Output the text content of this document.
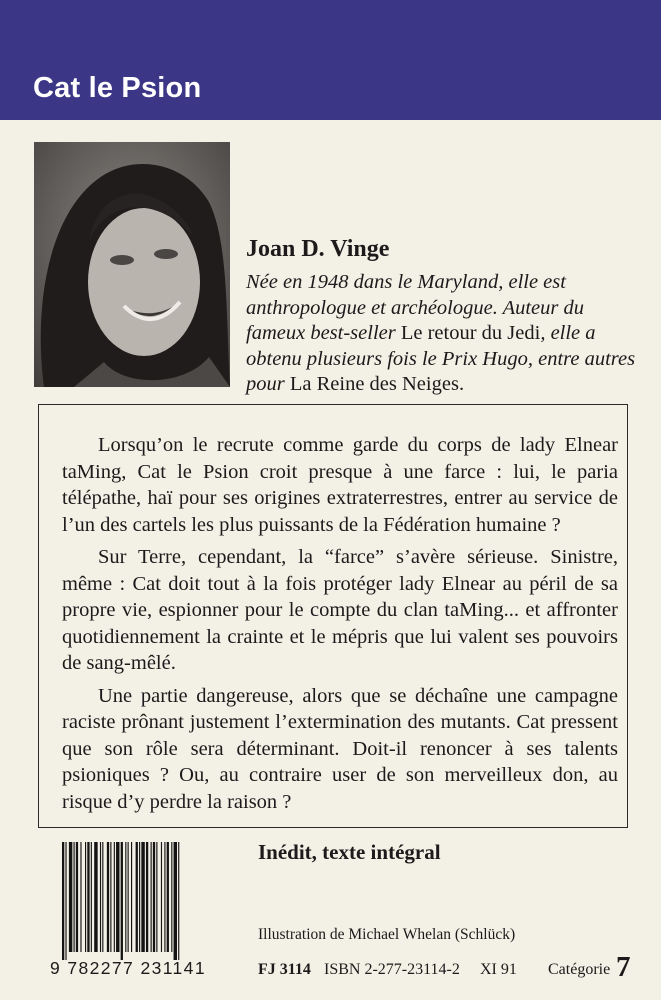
Cat le Psion
Joan D. Vinge
Née en 1948 dans le Maryland, elle est anthropologue et archéologue. Auteur du fameux best-seller Le retour du Jedi, elle a obtenu plusieurs fois le Prix Hugo, entre autres pour La Reine des Neiges.

Lorsqu’on le recrute comme garde du corps de lady Elnear taMing, Cat le Psion croit presque à une farce : lui, le paria télépathe, haï pour ses origines extraterrestres, entrer au service de l’un des cartels les plus puissants de la Fédération humaine ?

Sur Terre, cependant, la “farce” s’avère sérieuse. Sinistre, même : Cat doit tout à la fois protéger lady Elnear au péril de sa propre vie, espionner pour le compte du clan taMing... et affronter quotidiennement la crainte et le mépris que lui valent ses pouvoirs de sang-mêlé.

Une partie dangereuse, alors que se déchaîne une campagne raciste prônant justement l’extermination des mutants. Cat pressent que son rôle sera déterminant. Doit-il renoncer à ses talents psioniques ? Ou, au contraire user de son merveilleux don, au risque d’y perdre la raison ?

9 782277 231141
Inédit, texte intégral
Illustration de Michael Whelan (Schlück)
FJ 3114 ISBN 2-277-23114-2 XI 91 Catégorie 7
